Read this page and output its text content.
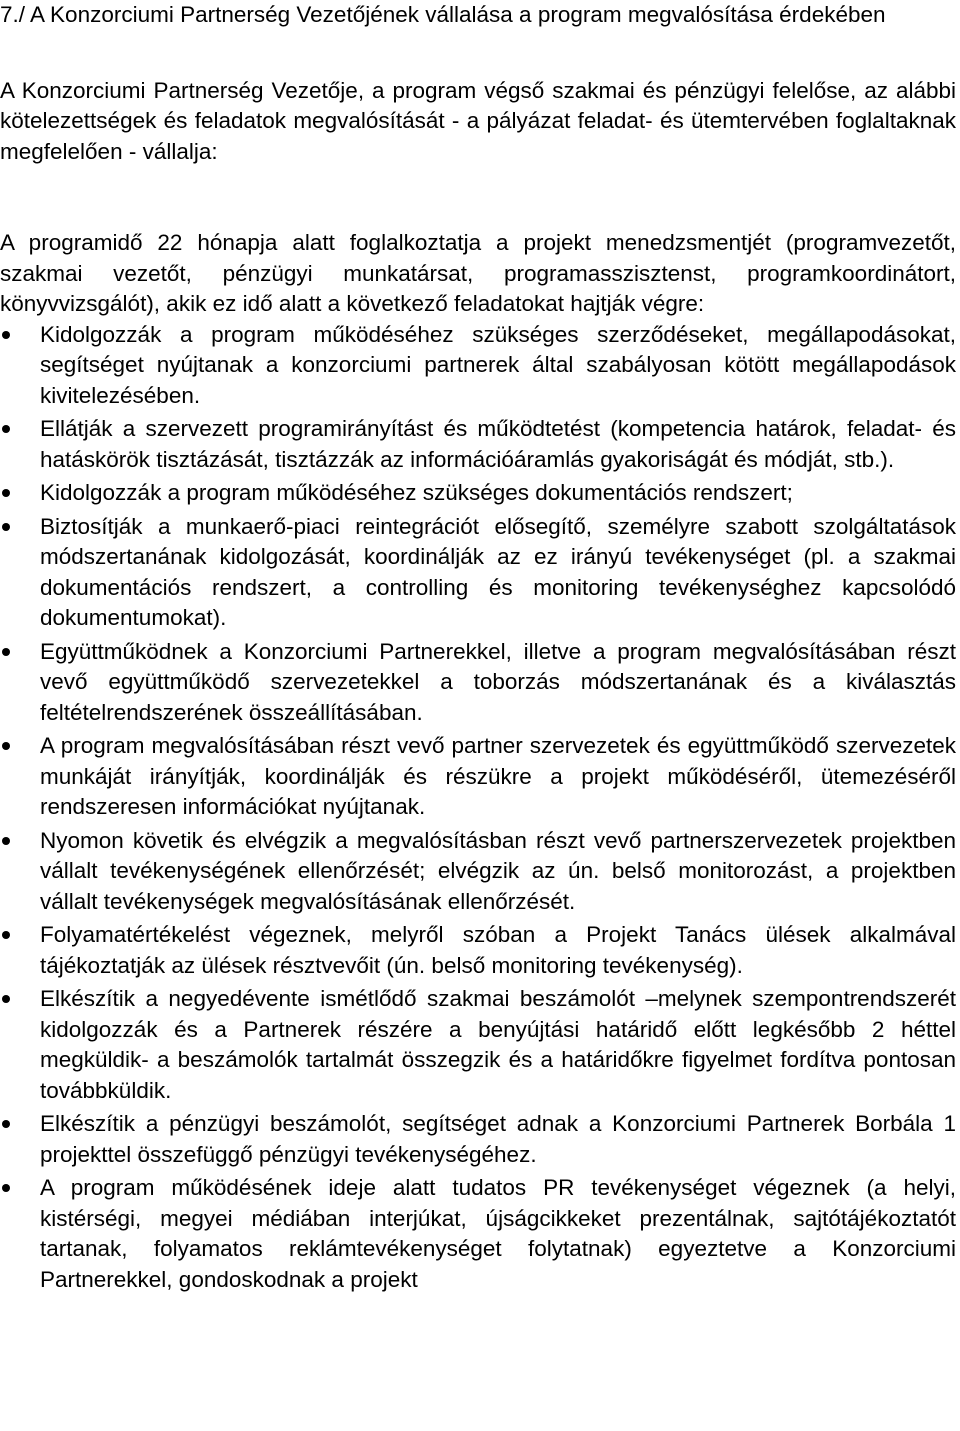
7./ A Konzorciumi Partnerség Vezetőjének vállalása a program megvalósítása érdekében

A Konzorciumi Partnerség Vezetője, a program végső szakmai és pénzügyi felelőse, az alábbi kötelezettségek és feladatok megvalósítását - a pályázat feladat- és ütemtervében foglaltaknak megfelelően - vállalja:

A programidő 22 hónapja alatt foglalkoztatja a projekt menedzsmentjét (programvezetőt, szakmai vezetőt, pénzügyi munkatársat, programasszisztenst, programkoordinátort, könyvvizsgálót), akik ez idő alatt a következő feladatokat hajtják végre:

Kidolgozzák a program működéséhez szükséges szerződéseket, megállapodásokat, segítséget nyújtanak a konzorciumi partnerek által szabályosan kötött megállapodások kivitelezésében.
Ellátják a szervezett programirányítást és működtetést (kompetencia határok, feladat- és hatáskörök tisztázását, tisztázzák az információáramlás gyakoriságát és módját, stb.).
Kidolgozzák a program működéséhez szükséges dokumentációs rendszert;
Biztosítják a munkaerő-piaci reintegrációt elősegítő, személyre szabott szolgáltatások módszertanának kidolgozását, koordinálják az ez irányú tevékenységet (pl. a szakmai dokumentációs rendszert, a controlling és monitoring tevékenységhez kapcsolódó dokumentumokat).
Együttműködnek a Konzorciumi Partnerekkel, illetve a program megvalósításában részt vevő együttműködő szervezetekkel a toborzás módszertanának és a kiválasztás feltételrendszerének összeállításában.
A program megvalósításában részt vevő partner szervezetek és együttműködő szervezetek munkáját irányítják, koordinálják és részükre a projekt működéséről, ütemezéséről rendszeresen információkat nyújtanak.
Nyomon követik és elvégzik a megvalósításban részt vevő partnerszervezetek projektben vállalt tevékenységének ellenőrzését; elvégzik az ún. belső monitorozást, a projektben vállalt tevékenységek megvalósításának ellenőrzését.
Folyamatértékelést végeznek, melyről szóban a Projekt Tanács ülések alkalmával tájékoztatják az ülések résztvevőit (ún. belső monitoring tevékenység).
Elkészítik a negyedévente ismétlődő szakmai beszámolót –melynek szempontrendszerét kidolgozzák és a Partnerek részére a benyújtási határidő előtt legkésőbb 2 héttel megküldik- a beszámolók tartalmát összegzik és a határidőkre figyelmet fordítva pontosan továbbküldik.
Elkészítik a pénzügyi beszámolót, segítséget adnak a Konzorciumi Partnerek Borbála 1 projekttel összefüggő pénzügyi tevékenységéhez.
A program működésének ideje alatt tudatos PR tevékenységet végeznek (a helyi, kistérségi, megyei médiában interjúkat, újságcikkeket prezentálnak, sajtótájékoztatót tartanak, folyamatos reklámtevékenységet folytatnak) egyeztetve a Konzorciumi Partnerekkel, gondoskodnak a projekt
